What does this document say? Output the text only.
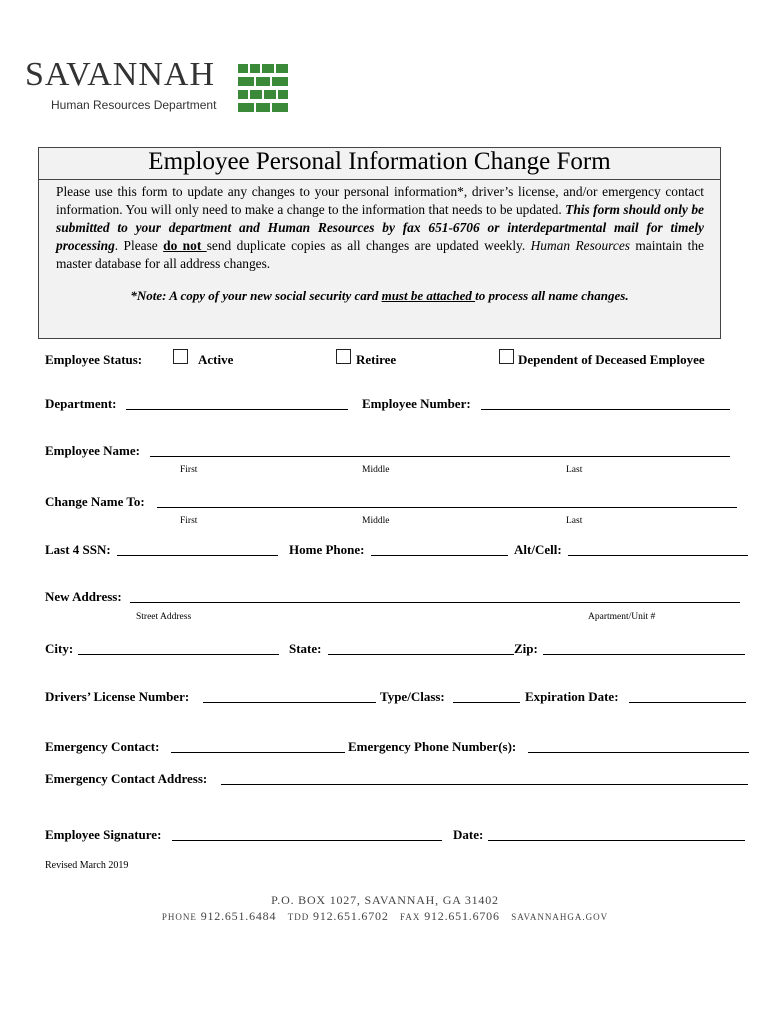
SAVANNAH
Human Resources Department
Employee Personal Information Change Form
Please use this form to update any changes to your personal information*, driver’s license, and/or emergency contact information. You will only need to make a change to the information that needs to be updated. This form should only be submitted to your department and Human Resources by fax 651-6706 or interdepartmental mail for timely processing. Please do not send duplicate copies as all changes are updated weekly. Human Resources maintain the master database for all address changes.
*Note: A copy of your new social security card must be attached to process all name changes.
Employee Status:	Active	Retiree	Dependent of Deceased Employee
Department:	Employee Number:
Employee Name:
First	Middle	Last
Change Name To:
First	Middle	Last
Last 4 SSN:	Home Phone:	Alt/Cell:
New Address:
Street Address	Apartment/Unit #
City:	State:	Zip:
Drivers’ License Number:	Type/Class:	Expiration Date:
Emergency Contact:	Emergency Phone Number(s):
Emergency Contact Address:
Employee Signature:	Date:
Revised March 2019
P.O. BOX 1027, SAVANNAH, GA 31402
PHONE 912.651.6484 TDD 912.651.6702 FAX 912.651.6706 SAVANNAHGA.GOV
